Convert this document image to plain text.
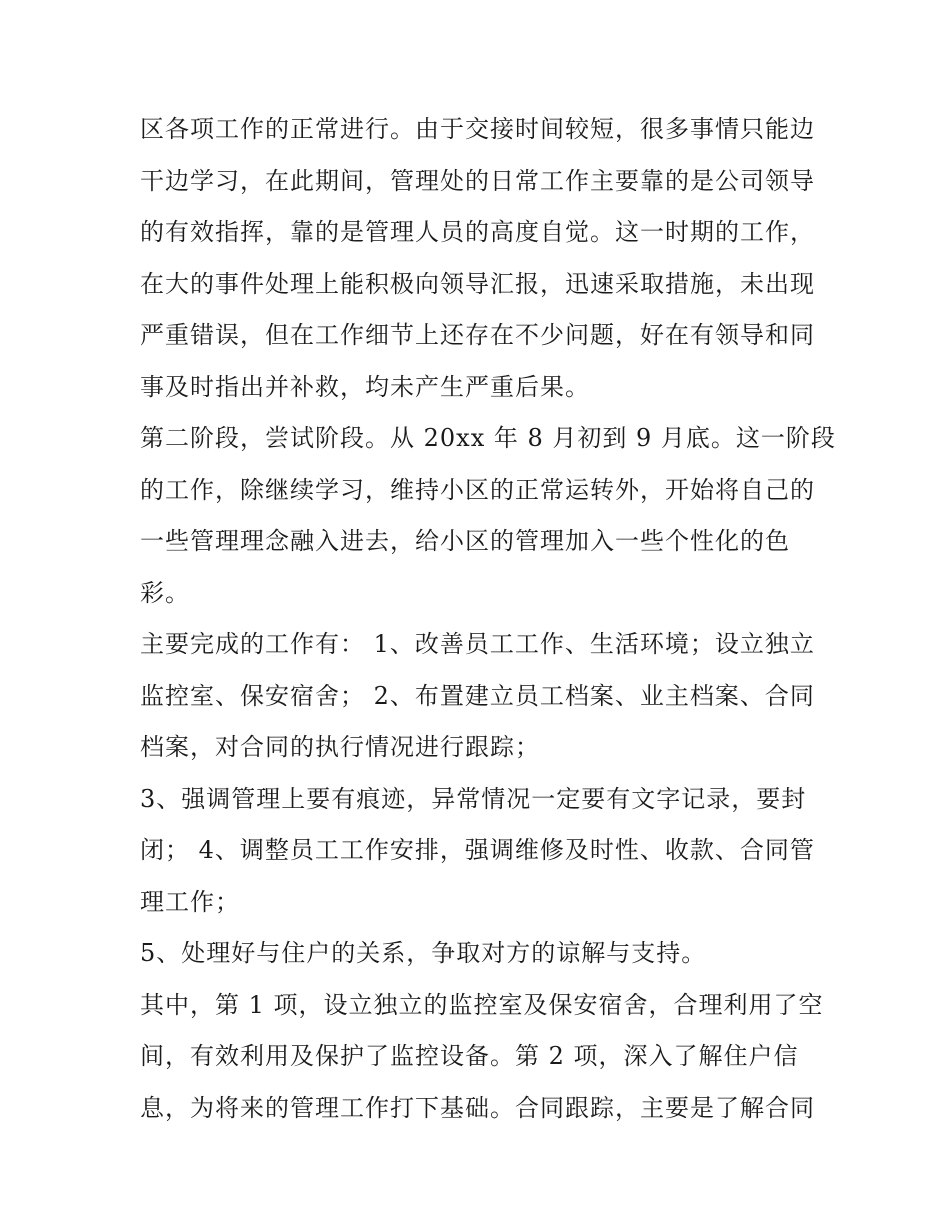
区各项工作的正常进行。由于交接时间较短，很多事情只能边
干边学习，在此期间，管理处的日常工作主要靠的是公司领导
的有效指挥，靠的是管理人员的高度自觉。这一时期的工作，
在大的事件处理上能积极向领导汇报，迅速采取措施，未出现
严重错误，但在工作细节上还存在不少问题，好在有领导和同
事及时指出并补救，均未产生严重后果。
第二阶段，尝试阶段。从 20xx 年 8 月初到 9 月底。这一阶段
的工作，除继续学习，维持小区的正常运转外，开始将自己的
一些管理理念融入进去，给小区的管理加入一些个性化的色
彩。
主要完成的工作有： 1、改善员工工作、生活环境；设立独立
监控室、保安宿舍； 2、布置建立员工档案、业主档案、合同
档案，对合同的执行情况进行跟踪；
3、强调管理上要有痕迹，异常情况一定要有文字记录，要封
闭； 4、调整员工工作安排，强调维修及时性、收款、合同管
理工作；
5、处理好与住户的关系，争取对方的谅解与支持。
其中，第 1 项，设立独立的监控室及保安宿舍，合理利用了空
间，有效利用及保护了监控设备。第 2 项，深入了解住户信
息，为将来的管理工作打下基础。合同跟踪，主要是了解合同
